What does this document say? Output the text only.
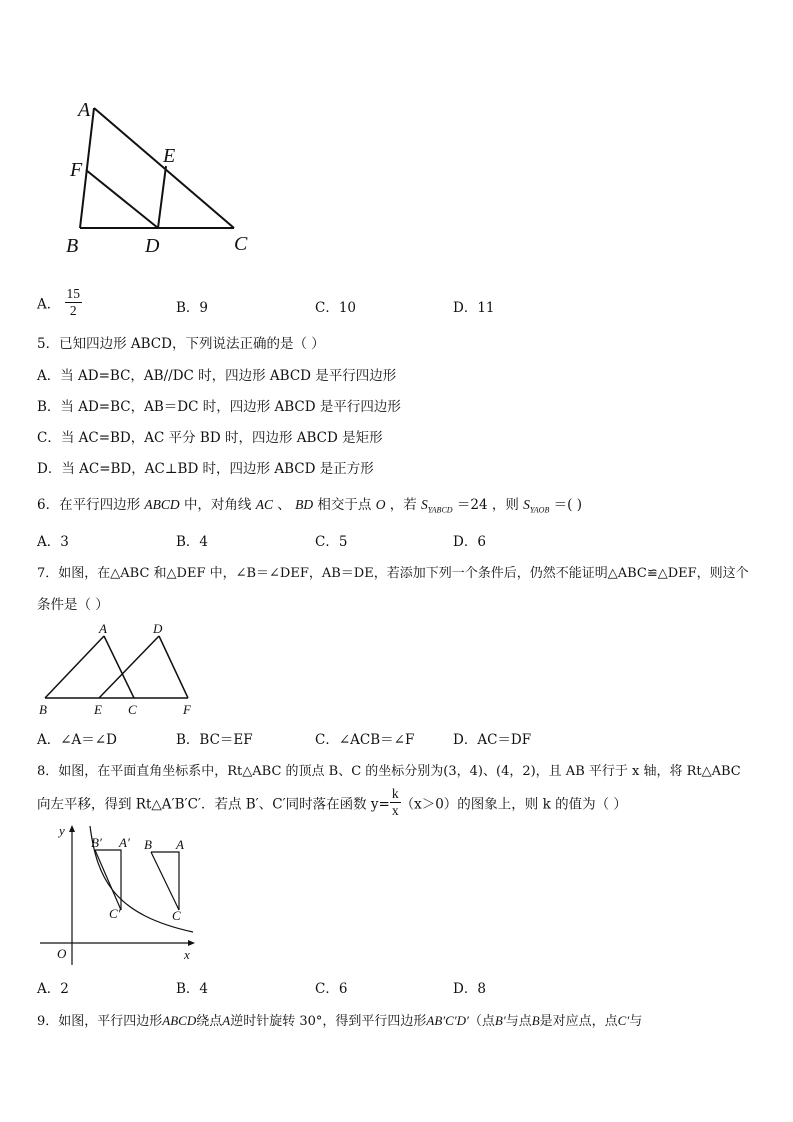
A
F
E
B	D	C
A． $\frac{15}{2}$	B．9	C．10	D．11
5．已知四边形 ABCD，下列说法正确的是（ ）
A．当 AD=BC，AB//DC 时，四边形 ABCD 是平行四边形
B．当 AD=BC，AB＝DC 时，四边形 ABCD 是平行四边形
C．当 AC=BD，AC 平分 BD 时，四边形 ABCD 是矩形
D．当 AC=BD，AC⊥BD 时，四边形 ABCD 是正方形
6．在平行四边形 ABCD 中，对角线 AC 、 BD 相交于点 O ，若 $S_{YABCD} =24$ ，则 $S_{YAOB}$ ＝( )
A．3	B．4	C．5	D．6
7．如图，在△ABC 和△DEF 中，∠B＝∠DEF，AB＝DE，若添加下列一个条件后，仍然不能证明△ABC≌△DEF，则这个
条件是（ ）
A	D
B	E C	F
A．∠A＝∠D	B．BC＝EF	C．∠ACB＝∠F	D．AC＝DF
8．如图，在平面直角坐标系中，Rt△ABC 的顶点 B、C 的坐标分别为(3，4)、(4，2)，且 AB 平行于 x 轴，将 Rt△ABC
向左平移，得到 Rt△A′B′C′．若点 B′、C′同时落在函数 $y= \frac{k}{x} (x>0)$的图象上，则 k 的值为（ ）
y
x
O
B′ A′
C′
B A
C
A．2	B．4	C．6	D．8
9．如图，平行四边形ABCD绕点A逆时针旋转 30°，得到平行四边形AB′C′D′（点B′与点B是对应点，点C′与
